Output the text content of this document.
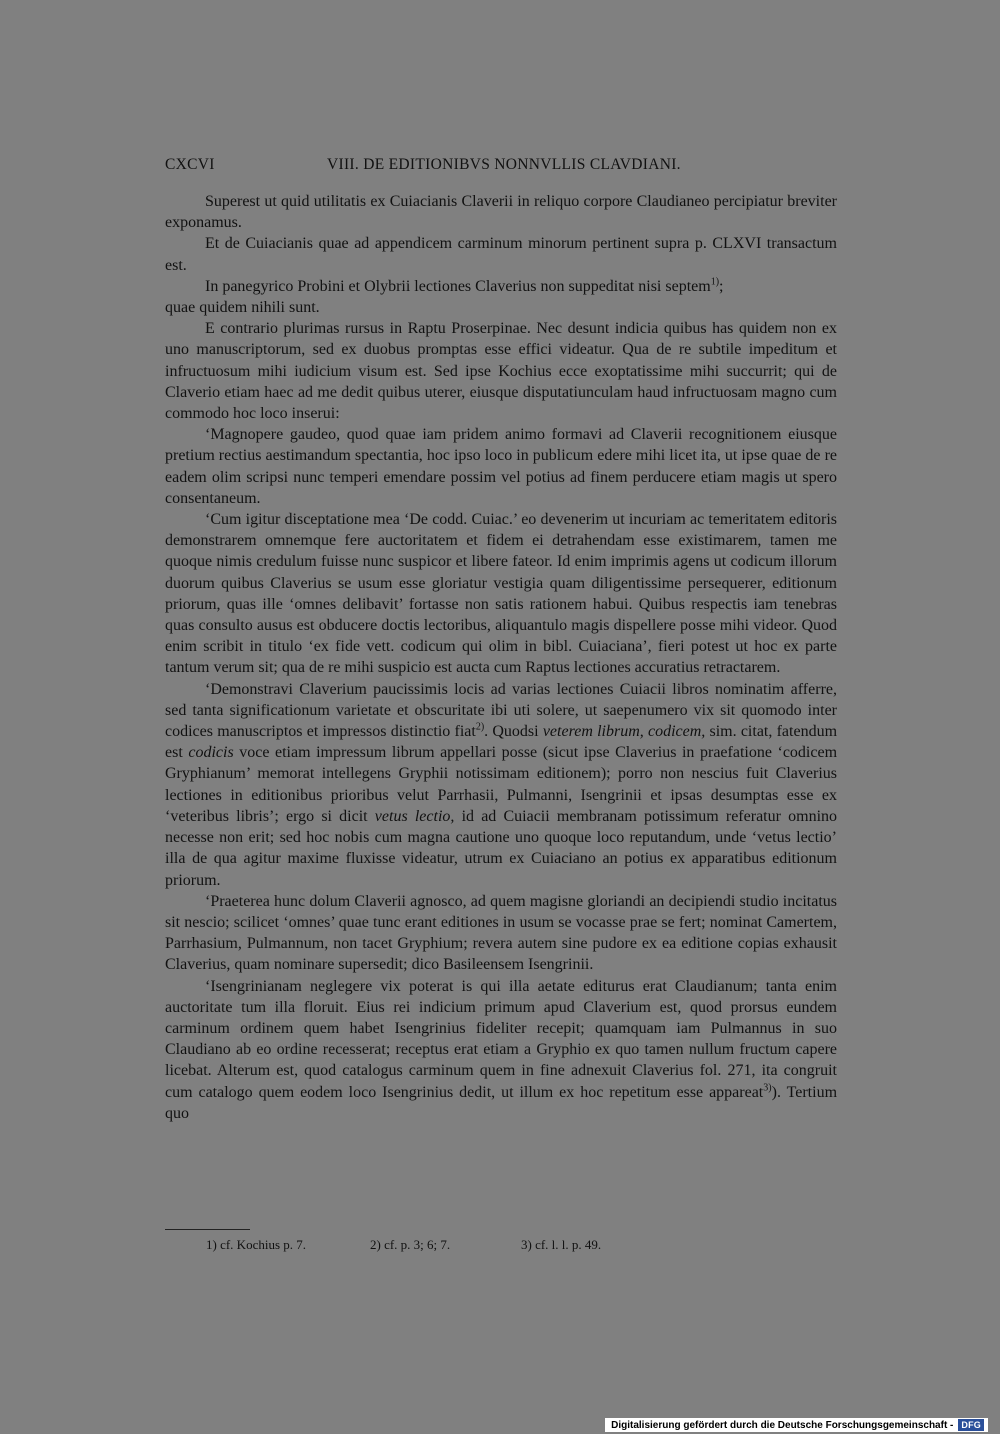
CXCVI	VIII. DE EDITIONIBVS NONNVLLIS CLAVDIANI.

Superest ut quid utilitatis ex Cuiacianis Claverii in reliquo corpore Claudianeo percipiatur breviter exponamus.

Et de Cuiacianis quae ad appendicem carminum minorum pertinent supra p. CLXVI transactum est.

In panegyrico Probini et Olybrii lectiones Claverius non suppeditat nisi septem$^{1)}$;

quae quidem nihili sunt.

E contrario plurimas rursus in Raptu Proserpinae. Nec desunt indicia quibus has quidem non ex uno manuscriptorum, sed ex duobus promptas esse effici videatur. Qua de re subtile impeditum et infructuosum mihi iudicium visum est. Sed ipse Kochius ecce exoptatissime mihi succurrit; qui de Claverio etiam haec ad me dedit quibus uterer, eiusque disputatiunculam haud infructuosam magno cum commodo hoc loco inserui:

‘Magnopere gaudeo, quod quae iam pridem animo formavi ad Claverii recognitionem eiusque pretium rectius aestimandum spectantia, hoc ipso loco in publicum edere mihi licet ita, ut ipse quae de re eadem olim scripsi nunc temperi emendare possim vel potius ad finem perducere etiam magis ut spero consentaneum.

‘Cum igitur disceptatione mea ‘De codd. Cuiac.’ eo devenerim ut incuriam ac temeritatem editoris demonstrarem omnemque fere auctoritatem et fidem ei detrahendam esse existimarem, tamen me quoque nimis credulum fuisse nunc suspicor et libere fateor. Id enim imprimis agens ut codicum illorum duorum quibus Claverius se usum esse gloriatur vestigia quam diligentissime persequerer, editionum priorum, quas ille ‘omnes delibavit’ fortasse non satis rationem habui. Quibus respectis iam tenebras quas consulto ausus est obducere doctis lectoribus, aliquantulo magis dispellere posse mihi videor. Quod enim scribit in titulo ‘ex fide vett. codicum qui olim in bibl. Cuiaciana’, fieri potest ut hoc ex parte tantum verum sit; qua de re mihi suspicio est aucta cum Raptus lectiones accuratius retractarem.

‘Demonstravi Claverium paucissimis locis ad varias lectiones Cuiacii libros nominatim afferre, sed tanta significationum varietate et obscuritate ibi uti solere, ut saepenumero vix sit quomodo inter codices manuscriptos et impressos distinctio fiat$^{2)}$. Quodsi veterem librum, codicem, sim. citat, fatendum est codicis voce etiam impressum librum appellari posse (sicut ipse Claverius in praefatione ‘codicem Gryphianum’ memorat intellegens Gryphii notissimam editionem); porro non nescius fuit Claverius lectiones in editionibus prioribus velut Parrhasii, Pulmanni, Isengrinii et ipsas desumptas esse ex ‘veteribus libris’; ergo si dicit vetus lectio, id ad Cuiacii membranam potissimum referatur omnino necesse non erit; sed hoc nobis cum magna cautione uno quoque loco reputandum, unde ‘vetus lectio’ illa de qua agitur maxime fluxisse videatur, utrum ex Cuiaciano an potius ex apparatibus editionum priorum.

‘Praeterea hunc dolum Claverii agnosco, ad quem magisne gloriandi an decipiendi studio incitatus sit nescio; scilicet ‘omnes’ quae tunc erant editiones in usum se vocasse prae se fert; nominat Camertem, Parrhasium, Pulmannum, non tacet Gryphium; revera autem sine pudore ex ea editione copias exhausit Claverius, quam nominare supersedit; dico Basileensem Isengrinii.

‘Isengrinianam neglegere vix poterat is qui illa aetate editurus erat Claudianum; tanta enim auctoritate tum illa floruit. Eius rei indicium primum apud Claverium est, quod prorsus eundem carminum ordinem quem habet Isengrinius fideliter recepit; quamquam iam Pulmannus in suo Claudiano ab eo ordine recesserat; receptus erat etiam a Gryphio ex quo tamen nullum fructum capere licebat. Alterum est, quod catalogus carminum quem in fine adnexuit Claverius fol. 271, ita congruit cum catalogo quem eodem loco Isengrinius dedit, ut illum ex hoc repetitum esse appareat$^{3)}$). Tertium quo

1) cf. Kochius p. 7.	2) cf. p. 3; 6; 7.	3) cf. l. l. p. 49.
Digitalisierung gefördert durch die Deutsche Forschungsgemeinschaft - DFG
